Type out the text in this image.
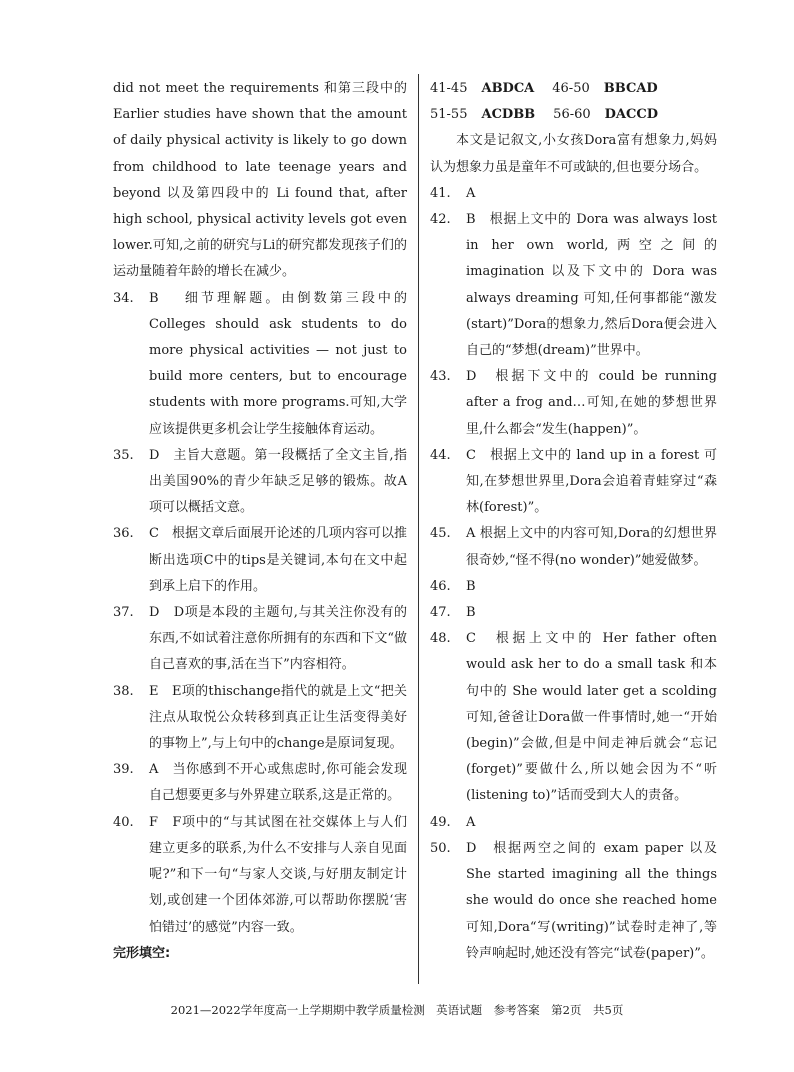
did not meet the requirements 和第三段中的 Earlier studies have shown that the amount of daily physical activity is likely to go down from childhood to late teenage years and beyond 以及第四段中的 Li found that, after high school, physical activity levels got even lower.可知,之前的研究与Li的研究都发现孩子们的运动量随着年龄的增长在减少。

34. B　 细节理解题。由倒数第三段中的 Colleges should ask students to do more physical activities — not just to build more centers, but to encourage students with more programs.可知,大学应该提供更多机会让学生接触体育运动。

35. D　主旨大意题。第一段概括了全文主旨,指出美国90%的青少年缺乏足够的锻炼。故A项可以概括文意。

36. C　根据文章后面展开论述的几项内容可以推断出选项C中的tips是关键词,本句在文中起到承上启下的作用。

37. D　D项是本段的主题句,与其关注你没有的东西,不如试着注意你所拥有的东西和下文“做自己喜欢的事,活在当下”内容相符。

38. E　E项的thischange指代的就是上文“把关注点从取悦公众转移到真正让生活变得美好的事物上”,与上句中的change是原词复现。

39. A　当你感到不开心或焦虑时,你可能会发现自己想要更多与外界建立联系,这是正常的。

40. F　F项中的“与其试图在社交媒体上与人们建立更多的联系,为什么不安排与人亲自见面呢?”和下一句“与家人交谈,与好朋友制定计划,或创建一个团体郊游,可以帮助你摆脱‘害怕错过’的感觉”内容一致。

完形填空:

41-45 ABDCA 46-50 BBCAD

51-55 ACDBB 56-60 DACCD

本文是记叙文,小女孩Dora富有想象力,妈妈认为想象力虽是童年不可或缺的,但也要分场合。

41. A

42. B　根据上文中的 Dora was always lost in her own world,两空之间的 imagination 以及下文中的 Dora was always dreaming 可知,任何事都能“激发(start)”Dora的想象力,然后Dora便会进入自己的“梦想(dream)”世界中。

43. D　根据下文中的 could be running after a frog and…可知,在她的梦想世界里,什么都会“发生(happen)”。

44. C　根据上文中的 land up in a forest 可知,在梦想世界里,Dora会追着青蛙穿过“森林(forest)”。

45. A 根据上文中的内容可知,Dora的幻想世界很奇妙,“怪不得(no wonder)”她爱做梦。

46. B

47. B

48. C　根据上文中的 Her father often would ask her to do a small task 和本句中的 She would later get a scolding 可知,爸爸让Dora做一件事情时,她一“开始(begin)”会做,但是中间走神后就会“忘记(forget)”要做什么,所以她会因为不“听(listening to)”话而受到大人的责备。

49. A

50. D　根据两空之间的 exam paper 以及 She started imagining all the things she would do once she reached home 可知,Dora“写(writing)”试卷时走神了,等铃声响起时,她还没有答完“试卷(paper)”。

2021—2022学年度高一上学期期中教学质量检测　英语试题　参考答案　第2页　共5页
